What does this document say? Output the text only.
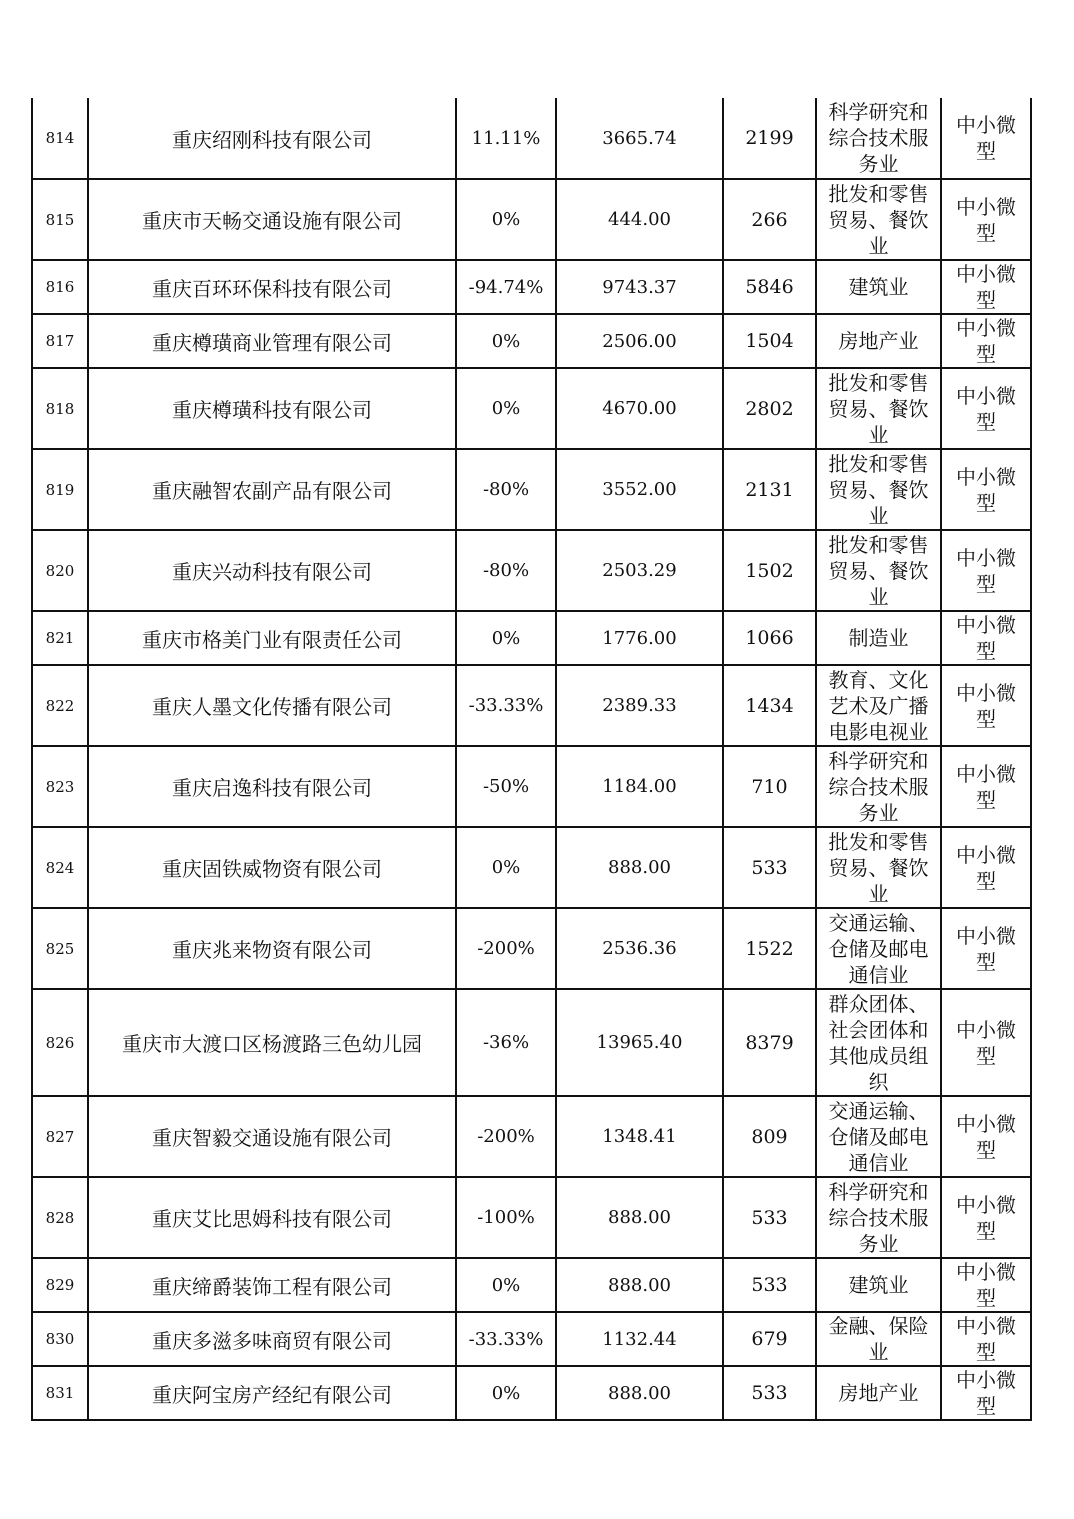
814	重庆绍刚科技有限公司	11.11%	3665.74	2199	科学研究和综合技术服务业	中小微型

815	重庆市天畅交通设施有限公司	0%	444.00	266	批发和零售贸易、餐饮业	中小微型

816	重庆百环环保科技有限公司	-94.74%	9743.37	5846	建筑业	中小微型

817	重庆樽璜商业管理有限公司	0%	2506.00	1504	房地产业	中小微型

818	重庆樽璜科技有限公司	0%	4670.00	2802	批发和零售贸易、餐饮业	中小微型

819	重庆融智农副产品有限公司	-80%	3552.00	2131	批发和零售贸易、餐饮业	中小微型

820	重庆兴动科技有限公司	-80%	2503.29	1502	批发和零售贸易、餐饮业	中小微型

821	重庆市格美门业有限责任公司	0%	1776.00	1066	制造业	中小微型

822	重庆人墨文化传播有限公司	-33.33%	2389.33	1434	教育、文化艺术及广播电影电视业	中小微型

823	重庆启逸科技有限公司	-50%	1184.00	710	科学研究和综合技术服务业	中小微型

824	重庆固铁威物资有限公司	0%	888.00	533	批发和零售贸易、餐饮业	中小微型

825	重庆兆来物资有限公司	-200%	2536.36	1522	交通运输、仓储及邮电通信业	中小微型

826	重庆市大渡口区杨渡路三色幼儿园	-36%	13965.40	8379	群众团体、社会团体和其他成员组织	中小微型

827	重庆智毅交通设施有限公司	-200%	1348.41	809	交通运输、仓储及邮电通信业	中小微型

828	重庆艾比思姆科技有限公司	-100%	888.00	533	科学研究和综合技术服务业	中小微型

829	重庆缔爵装饰工程有限公司	0%	888.00	533	建筑业	中小微型

830	重庆多滋多味商贸有限公司	-33.33%	1132.44	679	金融、保险业	中小微型

831	重庆阿宝房产经纪有限公司	0%	888.00	533	房地产业	中小微型
